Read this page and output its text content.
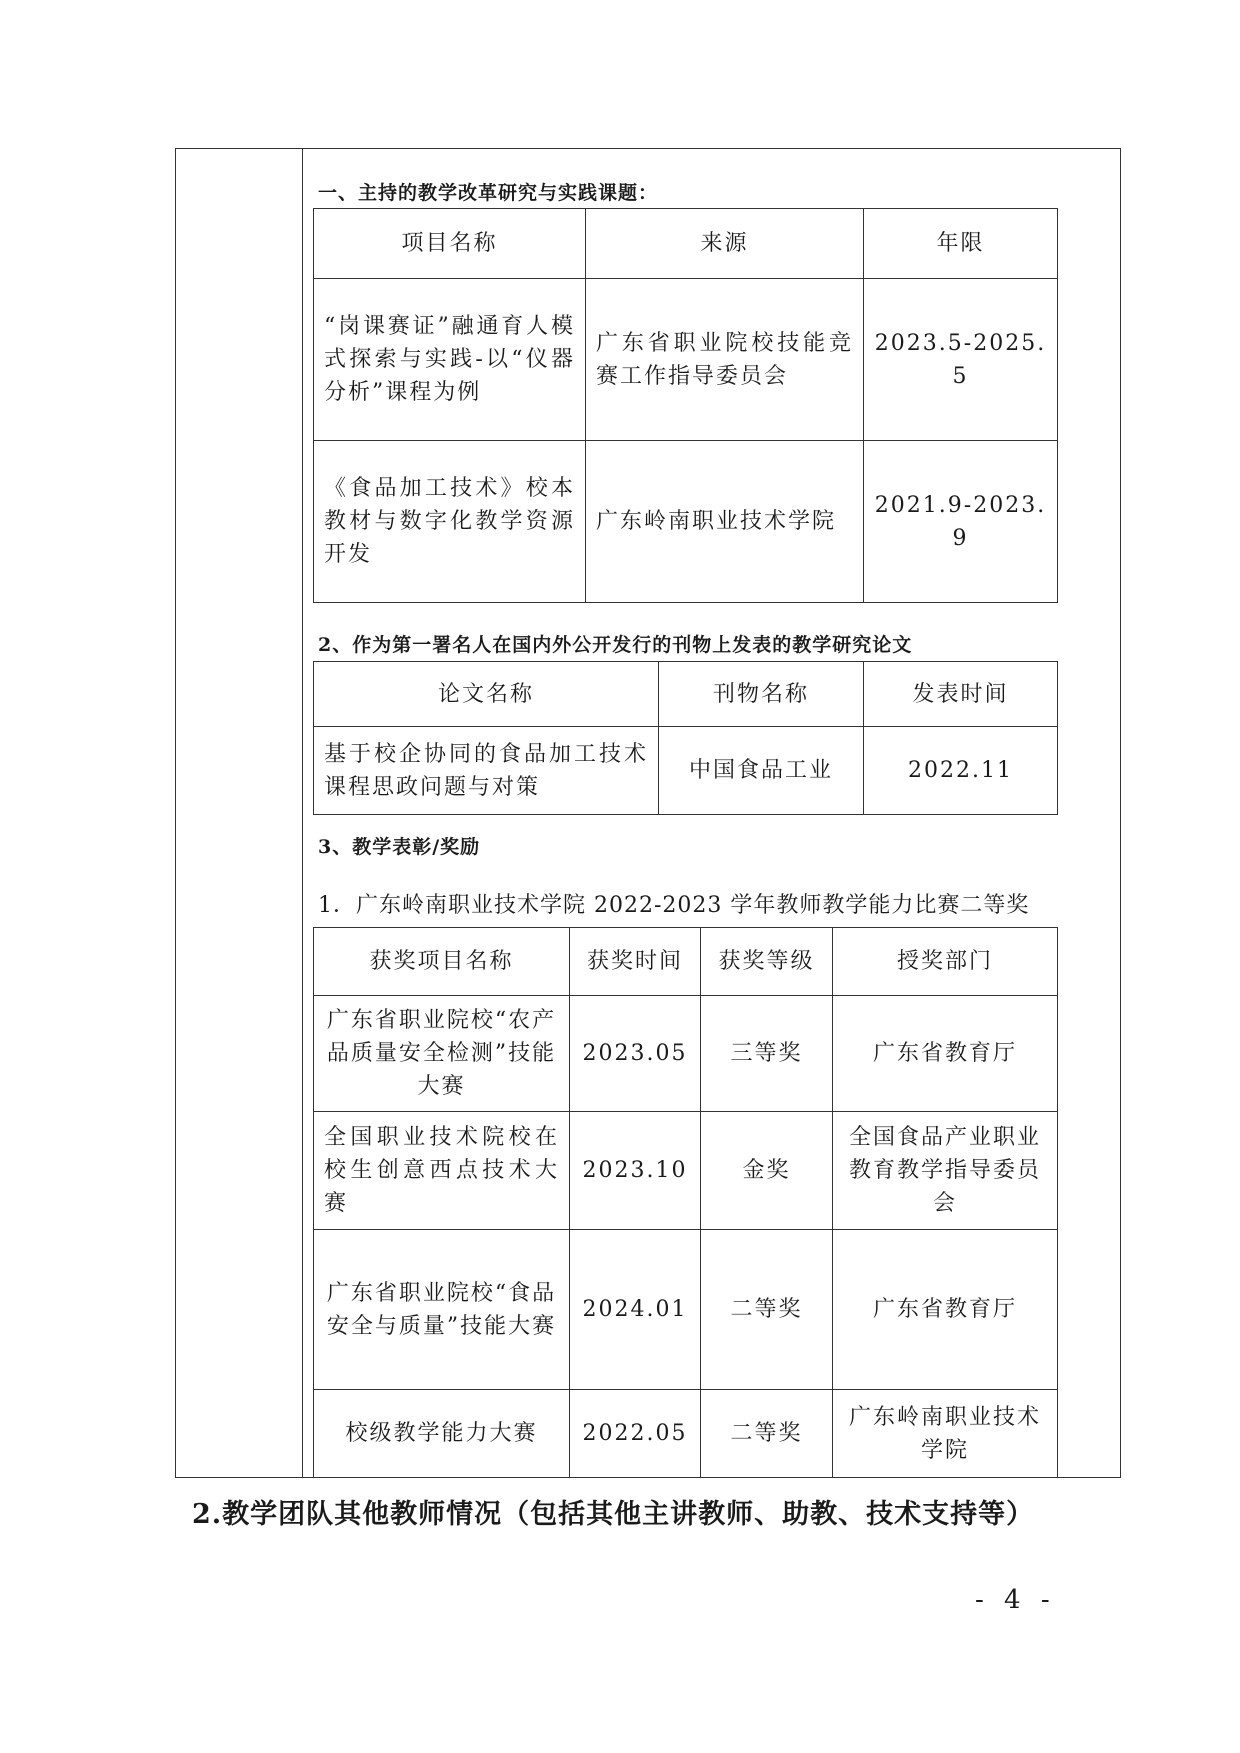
一、主持的教学改革研究与实践课题：
项目名称	来源	年限
“岗课赛证”融通育人模式探索与实践-以“仪器分析”课程为例	广东省职业院校技能竞赛工作指导委员会	2023.5-2025.5
《食品加工技术》校本教材与数字化教学资源开发	广东岭南职业技术学院	2021.9-2023.9
2、作为第一署名人在国内外公开发行的刊物上发表的教学研究论文
论文名称	刊物名称	发表时间
基于校企协同的食品加工技术课程思政问题与对策	中国食品工业	2022.11
3、教学表彰/奖励
1．广东岭南职业技术学院 2022-2023 学年教师教学能力比赛二等奖
获奖项目名称	获奖时间	获奖等级	授奖部门
广东省职业院校“农产品质量安全检测”技能大赛	2023.05	三等奖	广东省教育厅
全国职业技术院校在校生创意西点技术大赛	2023.10	金奖	全国食品产业职业教育教学指导委员会
广东省职业院校“食品安全与质量”技能大赛	2024.01	二等奖	广东省教育厅
校级教学能力大赛	2022.05	二等奖	广东岭南职业技术学院
2.教学团队其他教师情况（包括其他主讲教师、助教、技术支持等）
- 4 -
